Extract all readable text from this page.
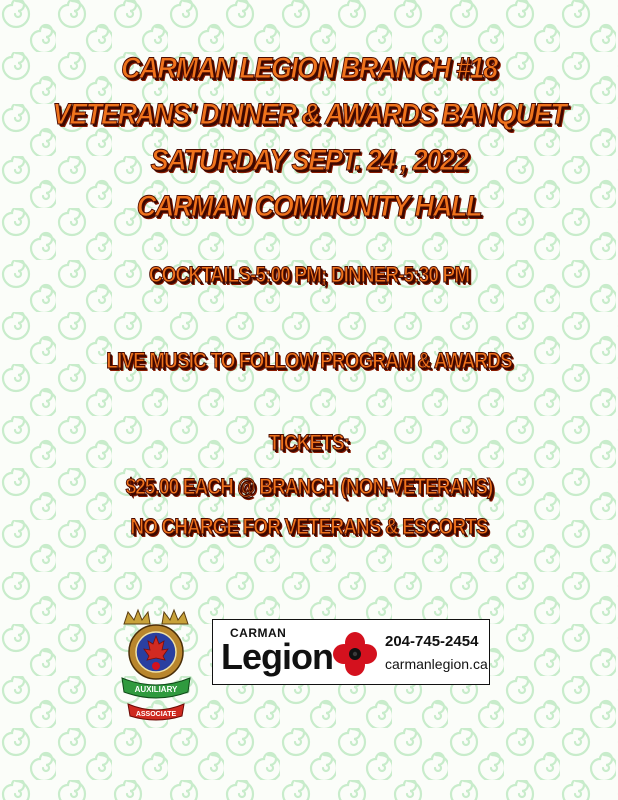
CARMAN LEGION BRANCH #18
VETERANS' DINNER & AWARDS BANQUET
SATURDAY SEPT. 24 , 2022
CARMAN COMMUNITY HALL
COCKTAILS-5:00 PM; DINNER-5:30 PM
LIVE MUSIC TO FOLLOW PROGRAM & AWARDS
TICKETS:
$25.00 EACH @ BRANCH (NON-VETERANS)
NO CHARGE FOR VETERANS & ESCORTS
AUXILIARY
ASSOCIATE
CARMAN
Legion	204-745-2454
carmanlegion.ca
